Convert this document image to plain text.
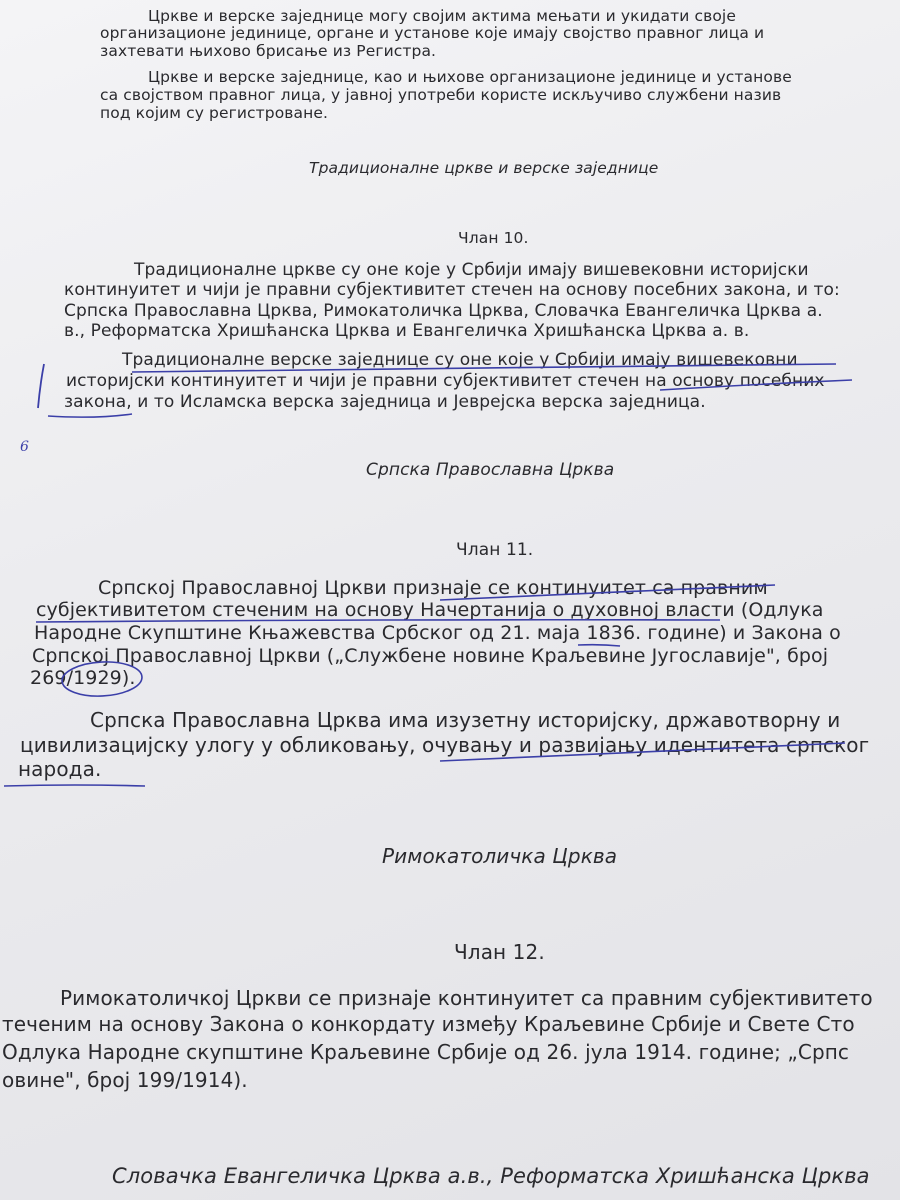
Цркве и верске заједнице могу својим актима мењати и укидати своје
организационе јединице, органе и установе које имају својство правног лица и
захтевати њихово брисање из Регистра.
Цркве и верске заједнице, као и њихове организационе јединице и установе
са својством правног лица, у јавној употреби користе искључиво службени назив
под којим су регистроване.
Традиционалне цркве и верске заједнице
Члан 10.
Традиционалне цркве су оне које у Србији имају вишевековни историјски
континуитет и чији је правни субјективитет стечен на основу посебних закона, и то:
Српска Православна Црква, Римокатоличка Црква, Словачка Евангеличка Црква а.
в., Реформатска Хришћанска Црква и Евангеличка Хришћанска Црква а. в.
Традиционалне верске заједнице су оне које у Србији имају вишевековни
историјски континуитет и чији је правни субјективитет стечен на основу посебних
закона, и то Исламска верска заједница и Јеврејска верска заједница.
6
Српска Православна Црква
Члан 11.
Српској Православној Цркви признаје се континуитет са правним
субјективитетом стеченим на основу Начертанија о духовној власти (Одлука
Народне Скупштине Књажевства Србског од 21. маја 1836. године) и Закона о
Српској Православној Цркви („Службене новине Краљевине Југославије", број
269/1929).
Српска Православна Црква има изузетну историјску, државотворну и
цивилизацијску улогу у обликовању, очувању и развијању идентитета српског
народа.
Римокатоличка Црква
Члан 12.
Римокатоличкој Цркви се признаје континуитет са правним субјективитето
теченим на основу Закона о конкордату између Краљевине Србије и Свете Сто
Одлука Народне скупштине Краљевине Србије од 26. јула 1914. године; „Српс
овине", број 199/1914).
Словачка Евангеличка Црква а.в., Реформатска Хришћанска Црква
